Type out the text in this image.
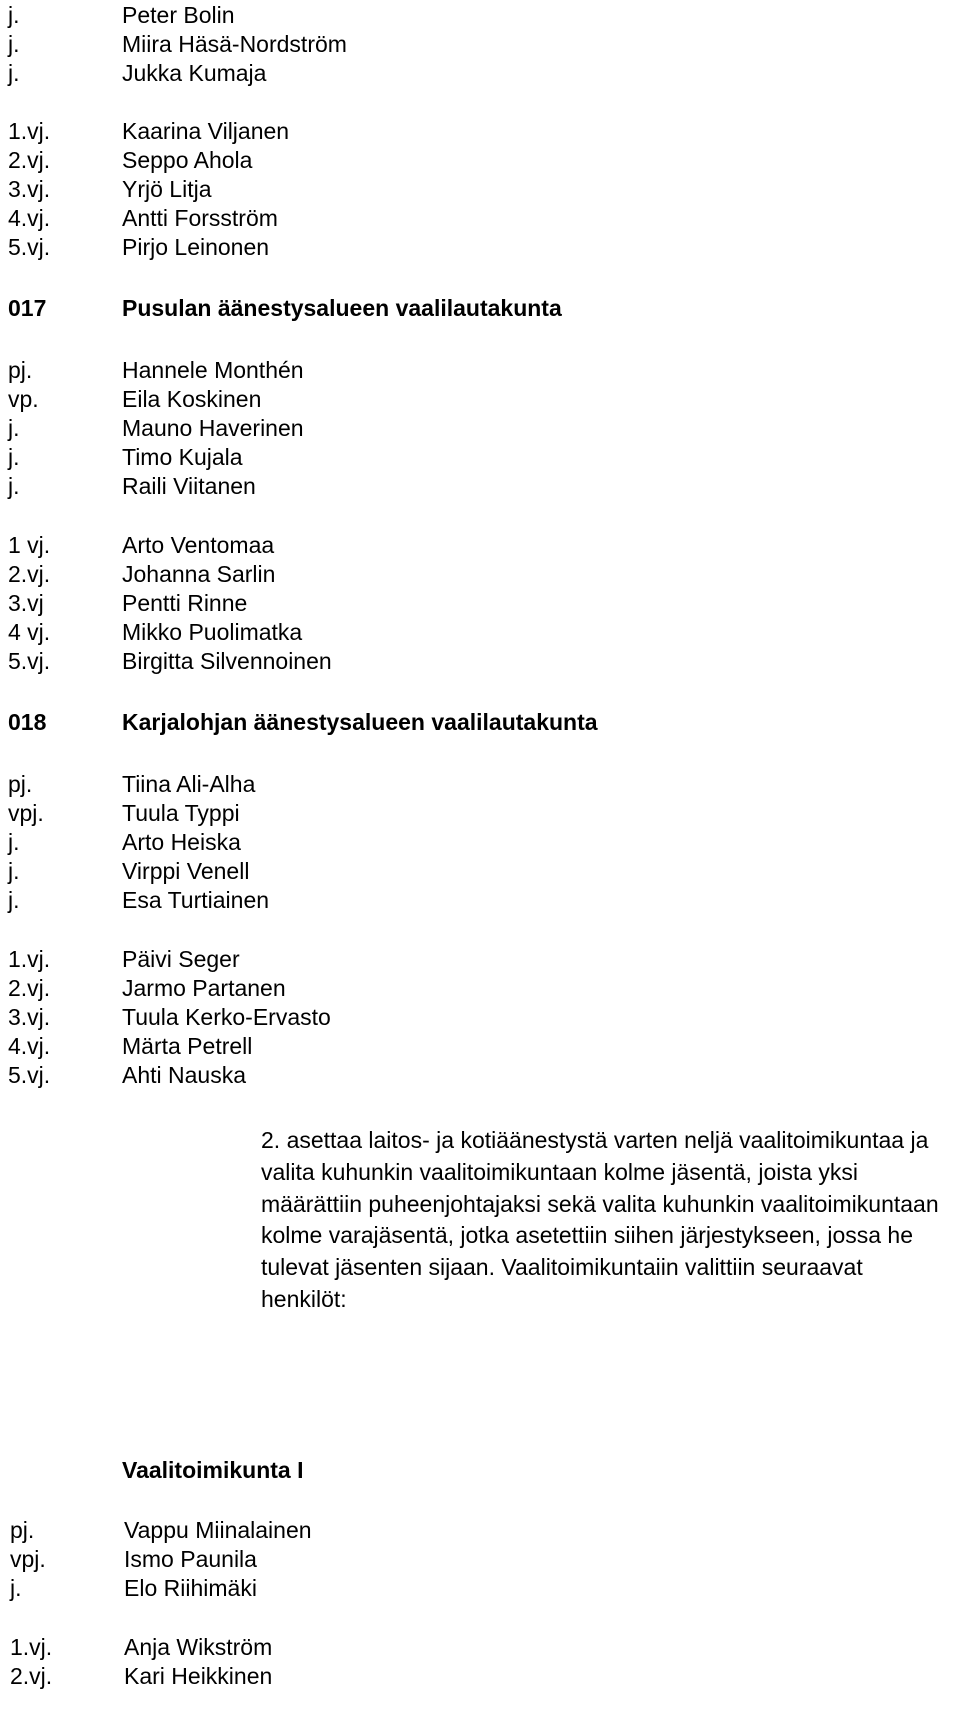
j.	Peter Bolin
j.	Miira Häsä-Nordström
j.	Jukka Kumaja
1.vj.	Kaarina Viljanen
2.vj.	Seppo Ahola
3.vj.	Yrjö Litja
4.vj.	Antti Forsström
5.vj.	Pirjo Leinonen
017	Pusulan äänestysalueen vaalilautakunta
pj.	Hannele Monthén
vp.	Eila Koskinen
j.	Mauno Haverinen
j.	Timo Kujala
j.	Raili Viitanen
1 vj.	Arto Ventomaa
2.vj.	Johanna Sarlin
3.vj	Pentti Rinne
4 vj.	Mikko Puolimatka
5.vj.	Birgitta Silvennoinen
018	Karjalohjan äänestysalueen vaalilautakunta
pj.	Tiina Ali-Alha
vpj.	Tuula Typpi
j.	Arto Heiska
j.	Virppi Venell
j.	Esa Turtiainen
1.vj.	Päivi Seger
2.vj.	Jarmo Partanen
3.vj.	Tuula Kerko-Ervasto
4.vj.	Märta Petrell
5.vj.	Ahti Nauska
2. asettaa laitos- ja kotiäänestystä varten neljä vaalitoimikuntaa ja valita kuhunkin vaalitoimikuntaan kolme jäsentä, joista yksi määrättiin puheenjohtajaksi sekä valita kuhunkin vaalitoimikuntaan kolme varajäsentä, jotka asetettiin siihen järjestykseen, jossa he tulevat jäsenten sijaan. Vaalitoimikuntaiin valittiin seuraavat henkilöt:
Vaalitoimikunta I
pj.	Vappu Miinalainen
vpj.	Ismo Paunila
j.	Elo Riihimäki
1.vj.	Anja Wikström
2.vj.	Kari Heikkinen
